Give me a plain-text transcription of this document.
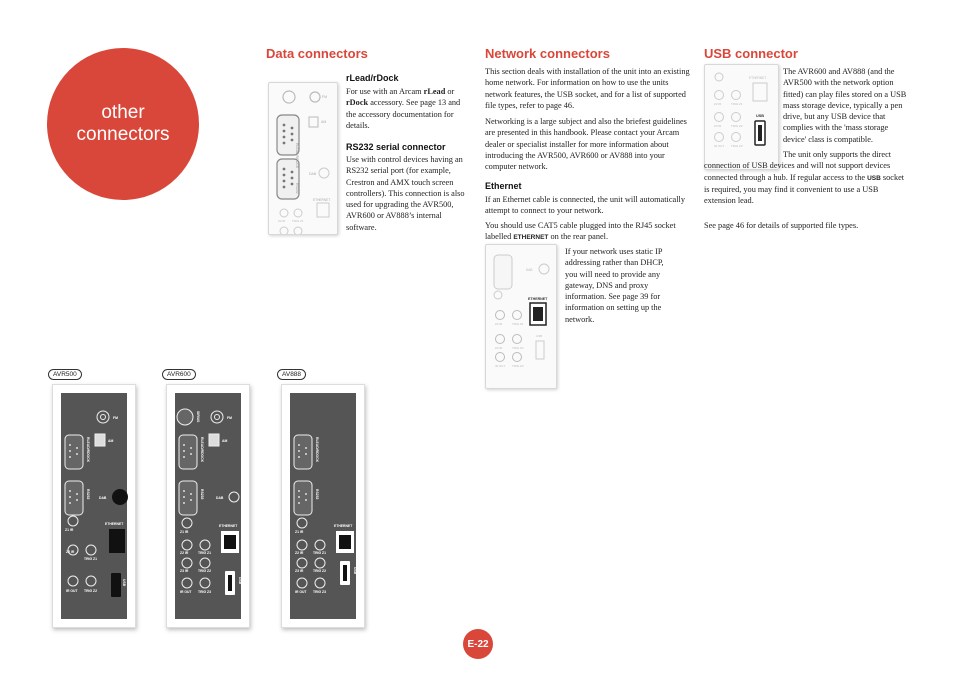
other
connectors
Data connectors
RLEAD/RDOCK
RS232
FM
AM
DAB
ETHERNET
Z2 IR TRIG Z1
rLead/rDock
For use with an Arcam rLead or rDock accessory. See page 13 and the accessory documentation for details.
RS232 serial connector
Use with control devices having an RS232 serial port (for example, Crestron and AMX touch screen controllers). This connection is also used for upgrading the AVR500, AVR600 or AV888’s internal software.
Network connectors
This section deals with installation of the unit into an existing home network. For information on how to use the units network features, the USB socket, and for a list of supported file types, refer to page 46.
Networking is a large subject and also the briefest guidelines are presented in this handbook. Please contact your Arcam dealer or specialist installer for more information about introducing the AVR500, AVR600 or AV888 into your computer network.
Ethernet
If an Ethernet cable is connected, the unit will automatically attempt to connect to your network.
You should use CAT5 cable plugged into the RJ45 socket labelled ETHERNET on the rear panel.
ETHERNET
DAB
USB
Z2 IR	TRIG Z1
Z3 IR	TRIG Z2
IR OUT TRIG Z3
If your network uses static IP addressing rather than DHCP, you will need to provide any gateway, DNS and proxy information. See page 39 for information on setting up the network.
USB connector
ETHERNET
USB
Z2 IR	TRIG Z1
Z3 IR	TRIG Z2
IR OUT TRIG Z3
The AVR600 and AV888 (and the AVR500 with the network option fitted) can play files stored on a USB mass storage device, typically a pen drive, but any USB device that complies with the 'mass storage device' class is compatible.
The unit only supports the direct connection of USB devices and will not support devices connected through a hub. If regular access to the USB socket is required, you may find it convenient to use a USB extension lead.
See page 46 for details of supported file types.
AVR500	AVR600	AV888
FM
AM
DAB
ETHERNET
Z1 IR
Z2 IR
TRIG Z1
IR OUT TRIG Z2
RLEAD/RDOCK
RS232
USB
FM
AM
DAB
ETHERNET
Z1 IR
Z2 IR	TRIG Z1
Z3 IR	TRIG Z2
IR OUT TRIG Z3
SIRIUS
RLEAD/RDOCK
RS232
USB
ETHERNET
Z1 IR
Z2 IR	TRIG Z1
Z3 IR	TRIG Z2
IR OUT TRIG Z3
RLEAD/RDOCK
RS232
USB
E-22
